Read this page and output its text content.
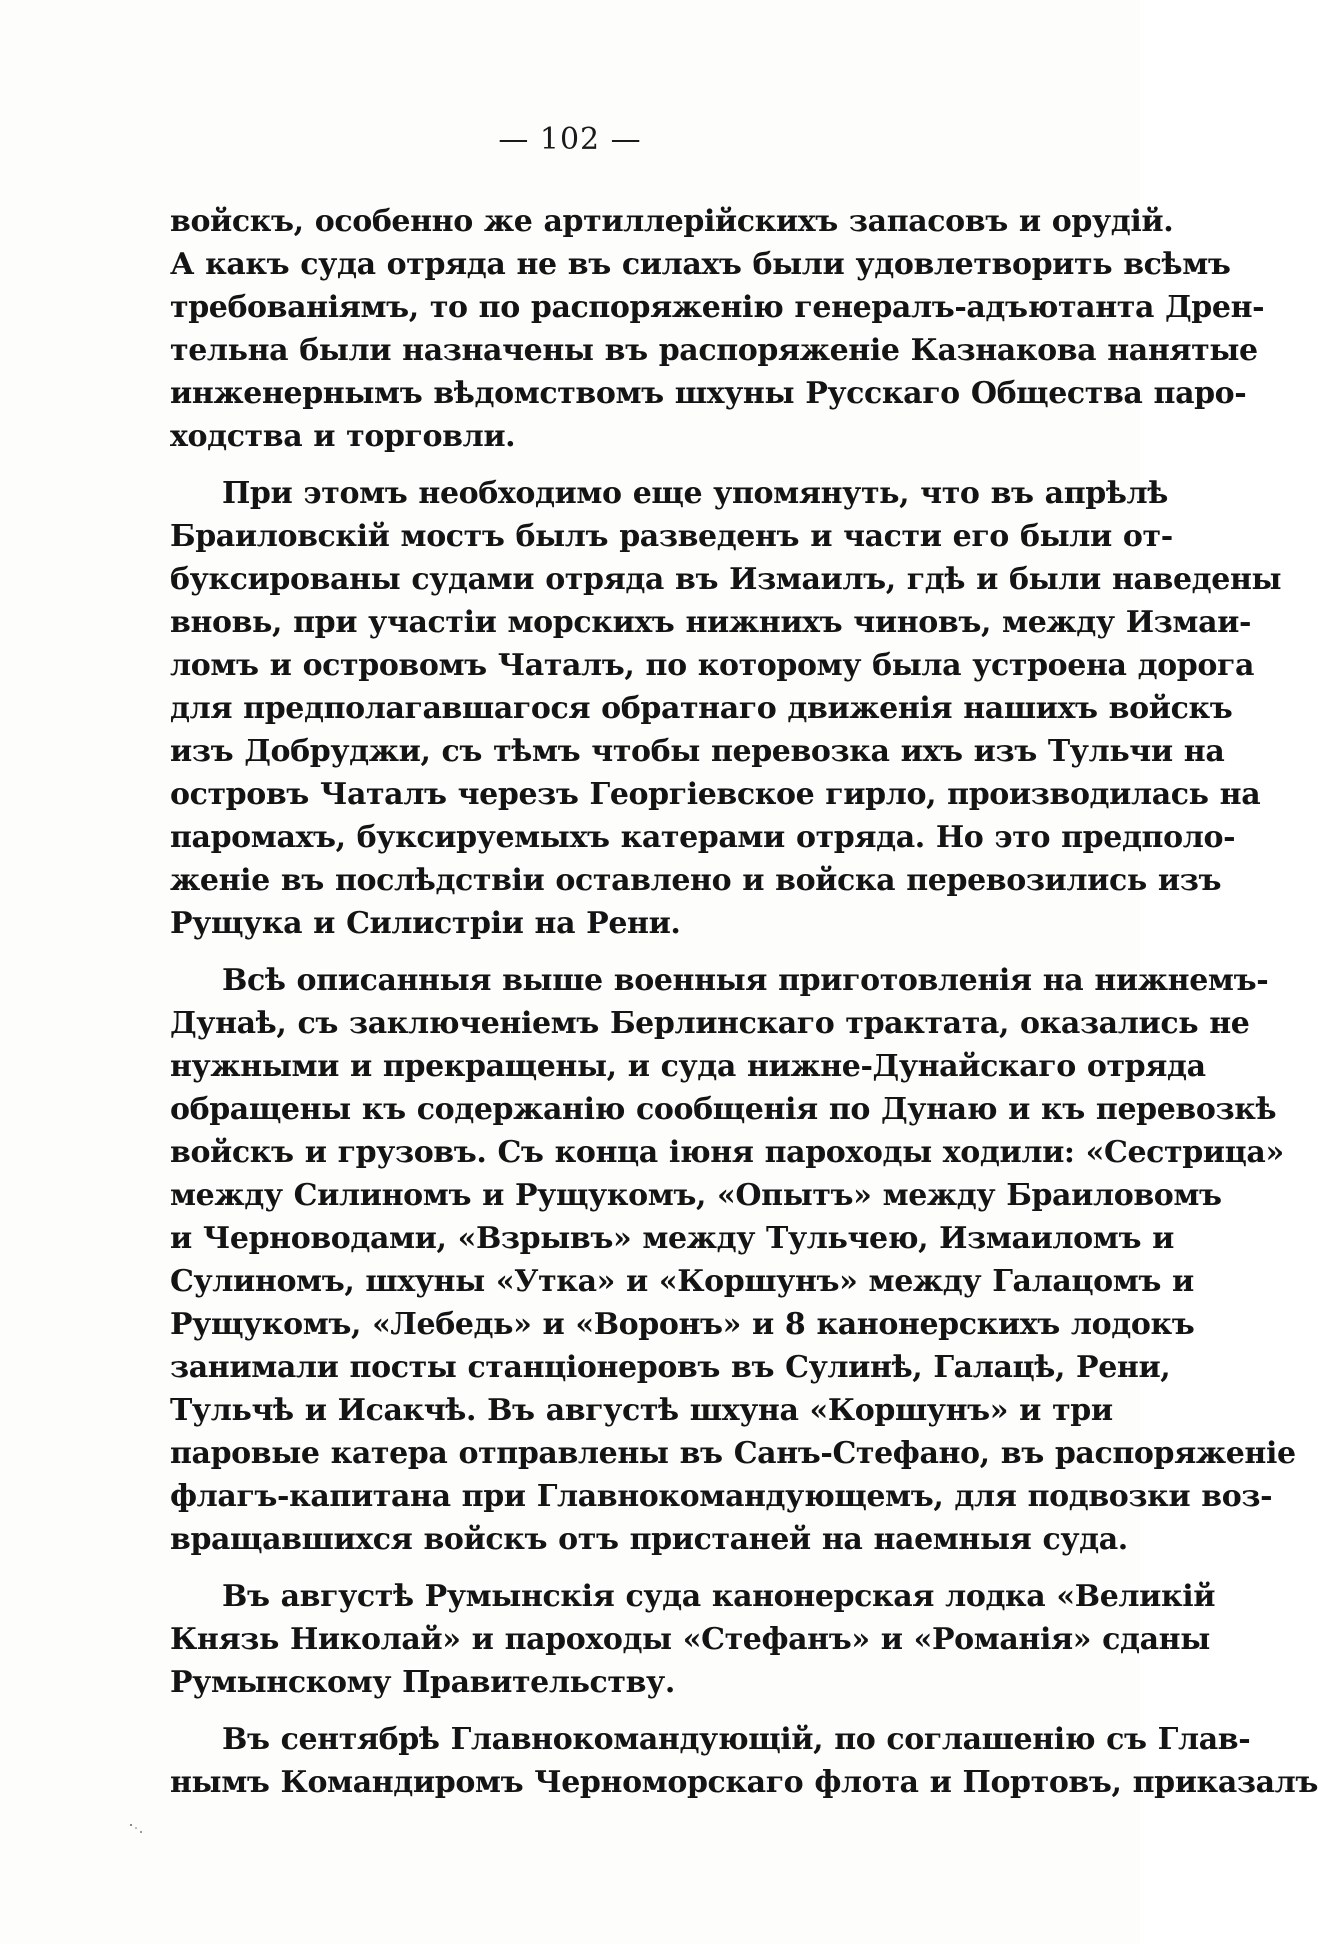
— 102 —
войскъ, особенно же артиллерійскихъ запасовъ и орудій.
А какъ суда отряда не въ силахъ были удовлетворить всѣмъ
требованіямъ, то по распоряженію генералъ-адъютанта Дрен-
тельна были назначены въ распоряженіе Казнакова нанятые
инженернымъ вѣдомствомъ шхуны Русскаго Общества паро-
ходства и торговли.
При этомъ необходимо еще упомянуть, что въ апрѣлѣ
Браиловскій мостъ былъ разведенъ и части его были от-
буксированы судами отряда въ Измаилъ, гдѣ и были наведены
вновь, при участіи морскихъ нижнихъ чиновъ, между Измаи-
ломъ и островомъ Чаталъ, по которому была устроена дорога
для предполагавшагося обратнаго движенія нашихъ войскъ
изъ Добруджи, съ тѣмъ чтобы перевозка ихъ изъ Тульчи на
островъ Чаталъ черезъ Георгіевское гирло, производилась на
паромахъ, буксируемыхъ катерами отряда. Но это предполо-
женіе въ послѣдствіи оставлено и войска перевозились изъ
Рущука и Силистріи на Рени.
Всѣ описанныя выше военныя приготовленія на нижнемъ-
Дунаѣ, съ заключеніемъ Берлинскаго трактата, оказались не
нужными и прекращены, и суда нижне-Дунайскаго отряда
обращены къ содержанію сообщенія по Дунаю и къ перевозкѣ
войскъ и грузовъ. Съ конца іюня пароходы ходили: «Сестрица»
между Силиномъ и Рущукомъ, «Опытъ» между Браиловомъ
и Черноводами, «Взрывъ» между Тульчею, Измаиломъ и
Сулиномъ, шхуны «Утка» и «Коршунъ» между Галацомъ и
Рущукомъ, «Лебедь» и «Воронъ» и 8 канонерскихъ лодокъ
занимали посты станціонеровъ въ Сулинѣ, Галацѣ, Рени,
Тульчѣ и Исакчѣ. Въ августѣ шхуна «Коршунъ» и три
паровые катера отправлены въ Санъ-Стефано, въ распоряженіе
флагъ-капитана при Главнокомандующемъ, для подвозки воз-
вращавшихся войскъ отъ пристаней на наемныя суда.
Въ августѣ Румынскія суда канонерская лодка «Великій
Князь Николай» и пароходы «Стефанъ» и «Романія» сданы
Румынскому Правительству.
Въ сентябрѣ Главнокомандующій, по соглашенію съ Глав-
нымъ Командиромъ Черноморскаго флота и Портовъ, приказалъ
